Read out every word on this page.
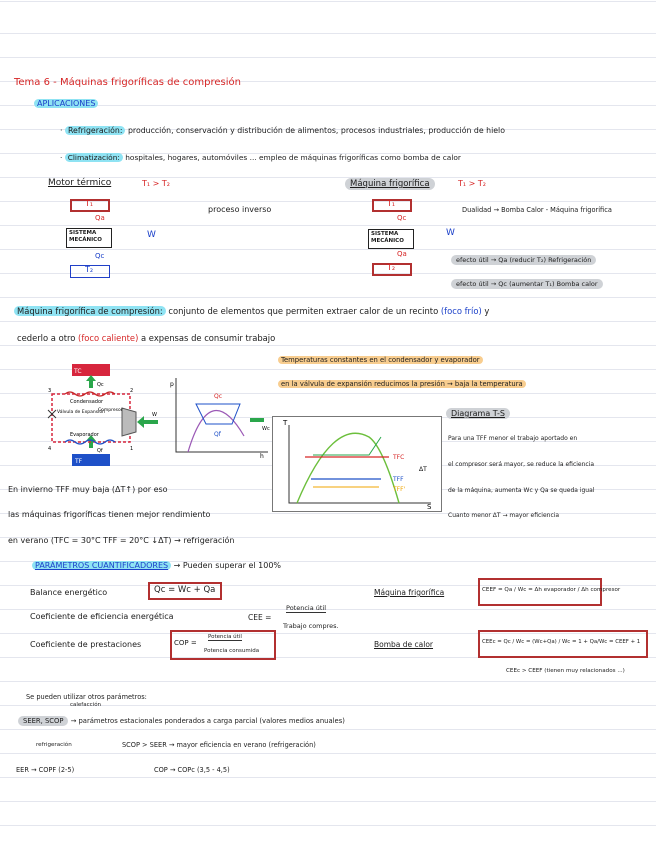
Tema 6 - Máquinas frigoríficas de compresión
APLICACIONES
· Refrigeración: producción, conservación y distribución de alimentos, procesos industriales, producción de hielo
· Climatización: hospitales, hogares, automóviles ... empleo de máquinas frigoríficas como bomba de calor
Motor térmico	T₁ > T₂
T₁
Qa
SISTEMA MECÁNICO
Qc
T₂
W
proceso inverso
Máquina frigorífica	T₁ > T₂
T₁
Qc
SISTEMA MECÁNICO
Qa
T₂
W
Dualidad → Bomba Calor - Máquina frigorífica
efecto útil → Qa (reducir T₂) Refrigeración
efecto útil → Qc (aumentar T₁) Bomba calor
Máquina frigorífica de compresión: conjunto de elementos que permiten extraer calor de un recinto (foco frío) y
cederlo a otro (foco caliente) a expensas de consumir trabajo
Temperaturas constantes en el condensador y evaporador
en la válvula de expansión reducimos la presión → baja la temperatura
TC
TF
Qc
Qf
W
Condensador
Válvula de Expansión
Compresor
Evaporador
3	2
4	1
p
h
Qc
Qf
Wc
Diagrama T-S
T
S
TFC
TFF
TFF'
ΔT
Para una TFF menor el trabajo aportado en
el compresor será mayor, se reduce la eficiencia
de la máquina, aumenta Wc y Qa se queda igual
Cuanto menor ΔT → mayor eficiencia
En invierno TFF muy baja (ΔT↑) por eso
las máquinas frigoríficas tienen mejor rendimiento
en verano (TFC = 30°C TFF = 20°C ↓ΔT) → refrigeración
PARÁMETROS CUANTIFICADORES → Pueden superar el 100%
Balance energético	Qc = Wc + Qa
Coeficiente de eficiencia energética	CEE =
Potencia útil
Trabajo compres.
Coeficiente de prestaciones	COP =
Potencia útil
Potencia consumida
Máquina frigorífica	CEEF = Qa / Wc = Δh evaporador / Δh compresor
Bomba de calor	CEEc = Qc / Wc = (Wc+Qa) / Wc = 1 + Qa/Wc = CEEF + 1
CEEc > CEEF (tienen muy relacionados ...)
Se pueden utilizar otros parámetros:
calefacción
SEER, SCOP → parámetros estacionales ponderados a carga parcial (valores medios anuales)
refrigeración	SCOP > SEER → mayor eficiencia en verano (refrigeración)
EER → COPF (2-5)	COP → COPc (3,5 - 4,5)
